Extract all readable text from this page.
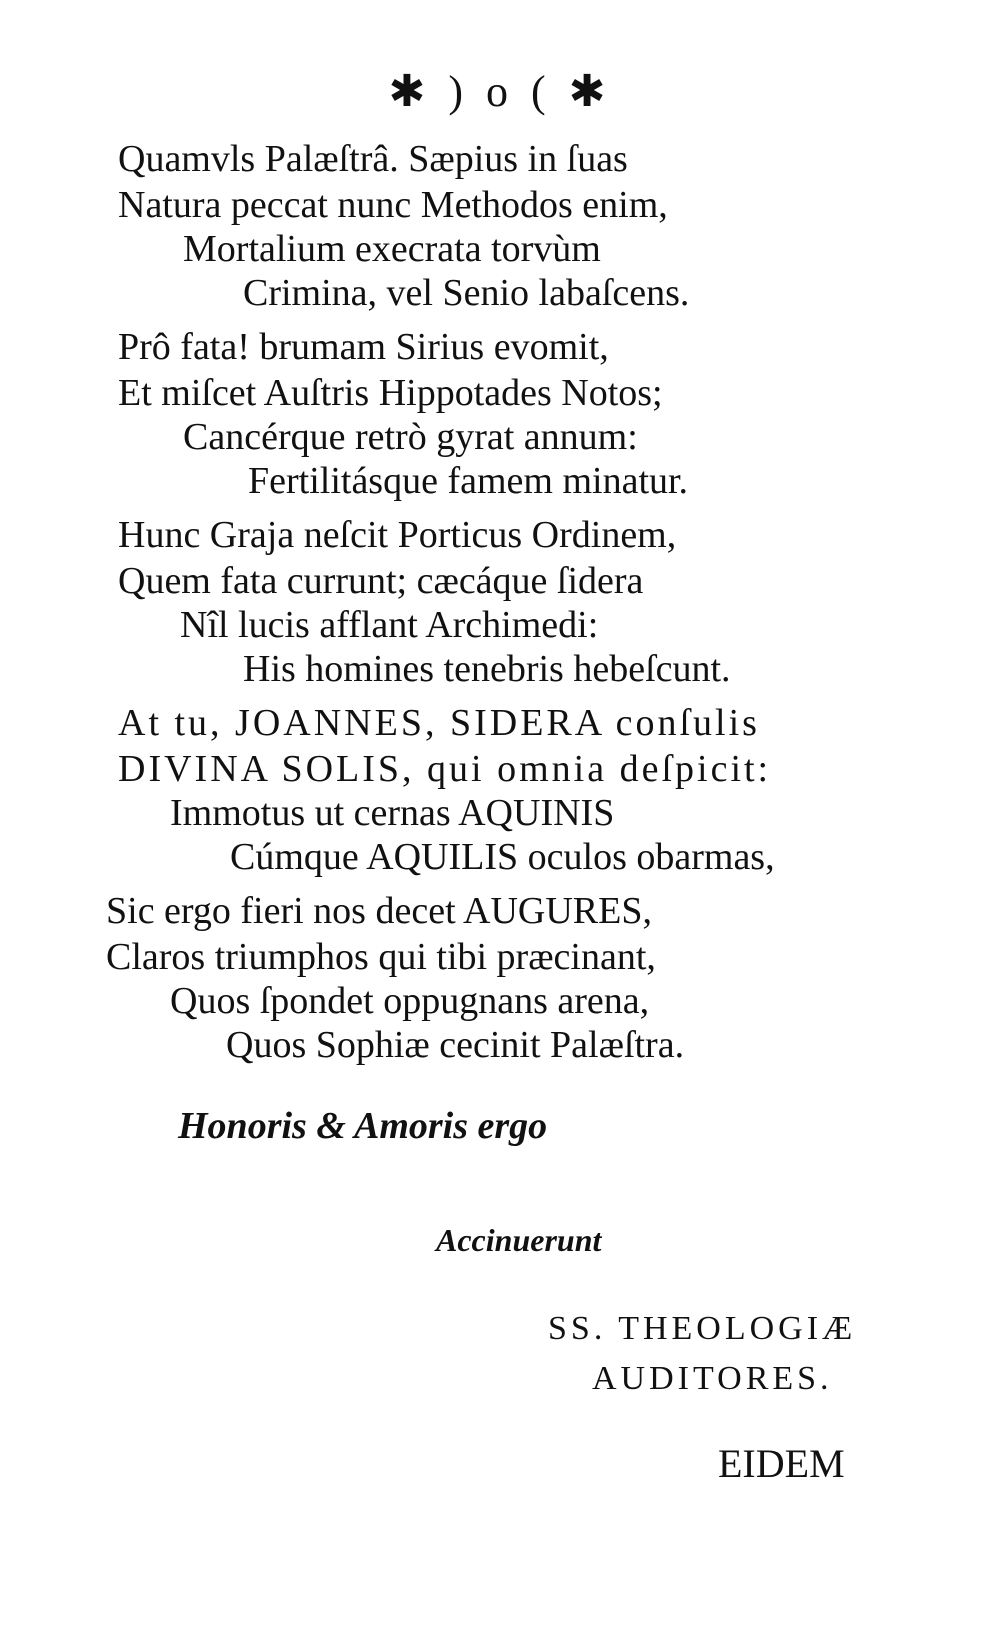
✱ ) o ( ✱
Quamvls Palæſtrâ. Sæpius in ſuas
Natura peccat nunc Methodos enim,
Mortalium execrata torvùm
Crimina, vel Senio labaſcens.
Prô fata! brumam Sirius evomit,
Et miſcet Auſtris Hippotades Notos;
Cancérque retrò gyrat annum:
Fertilitásque famem minatur.
Hunc Graja neſcit Porticus Ordinem,
Quem fata currunt; cæcáque ſidera
Nîl lucis afflant Archimedi:
His homines tenebris hebeſcunt.
At tu, JOANNES, SIDERA conſulis
DIVINA SOLIS, qui omnia deſpicit:
Immotus ut cernas AQUINIS
Cúmque AQUILIS oculos obarmas,
Sic ergo fieri nos decet AUGURES,
Claros triumphos qui tibi præcinant,
Quos ſpondet oppugnans arena,
Quos Sophiæ cecinit Palæſtra.
Honoris & Amoris ergo
Accinuerunt
SS. THEOLOGIÆ
AUDITORES.
EIDEM
